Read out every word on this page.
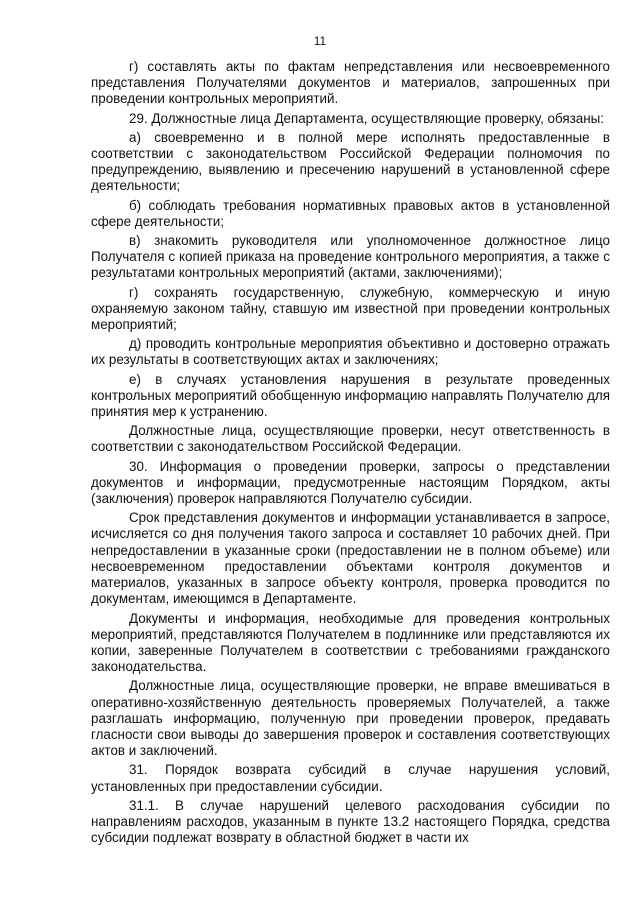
11

г) составлять акты по фактам непредставления или несвоевременного представления Получателями документов и материалов, запрошенных при проведении контрольных мероприятий.

29. Должностные лица Департамента, осуществляющие проверку, обязаны:

а) своевременно и в полной мере исполнять предоставленные в соответствии с законодательством Российской Федерации полномочия по предупреждению, выявлению и пресечению нарушений в установленной сфере деятельности;

б) соблюдать требования нормативных правовых актов в установленной сфере деятельности;

в) знакомить руководителя или уполномоченное должностное лицо Получателя с копией приказа на проведение контрольного мероприятия, а также с результатами контрольных мероприятий (актами, заключениями);

г) сохранять государственную, служебную, коммерческую и иную охраняемую законом тайну, ставшую им известной при проведении контрольных мероприятий;

д) проводить контрольные мероприятия объективно и достоверно отражать их результаты в соответствующих актах и заключениях;

е) в случаях установления нарушения в результате проведенных контрольных мероприятий обобщенную информацию направлять Получателю для принятия мер к устранению.

Должностные лица, осуществляющие проверки, несут ответственность в соответствии с законодательством Российской Федерации.

30. Информация о проведении проверки, запросы о представлении документов и информации, предусмотренные настоящим Порядком, акты (заключения) проверок направляются Получателю субсидии.

Срок представления документов и информации устанавливается в запросе, исчисляется со дня получения такого запроса и составляет 10 рабочих дней. При непредоставлении в указанные сроки (предоставлении не в полном объеме) или несвоевременном предоставлении объектами контроля документов и материалов, указанных в запросе объекту контроля, проверка проводится по документам, имеющимся в Департаменте.

Документы и информация, необходимые для проведения контрольных мероприятий, представляются Получателем в подлиннике или представляются их копии, заверенные Получателем в соответствии с требованиями гражданского законодательства.

Должностные лица, осуществляющие проверки, не вправе вмешиваться в оперативно-хозяйственную деятельность проверяемых Получателей, а также разглашать информацию, полученную при проведении проверок, предавать гласности свои выводы до завершения проверок и составления соответствующих актов и заключений.

31. Порядок возврата субсидий в случае нарушения условий, установленных при предоставлении субсидии.

31.1. В случае нарушений целевого расходования субсидии по направлениям расходов, указанным в пункте 13.2 настоящего Порядка, средства субсидии подлежат возврату в областной бюджет в части их
